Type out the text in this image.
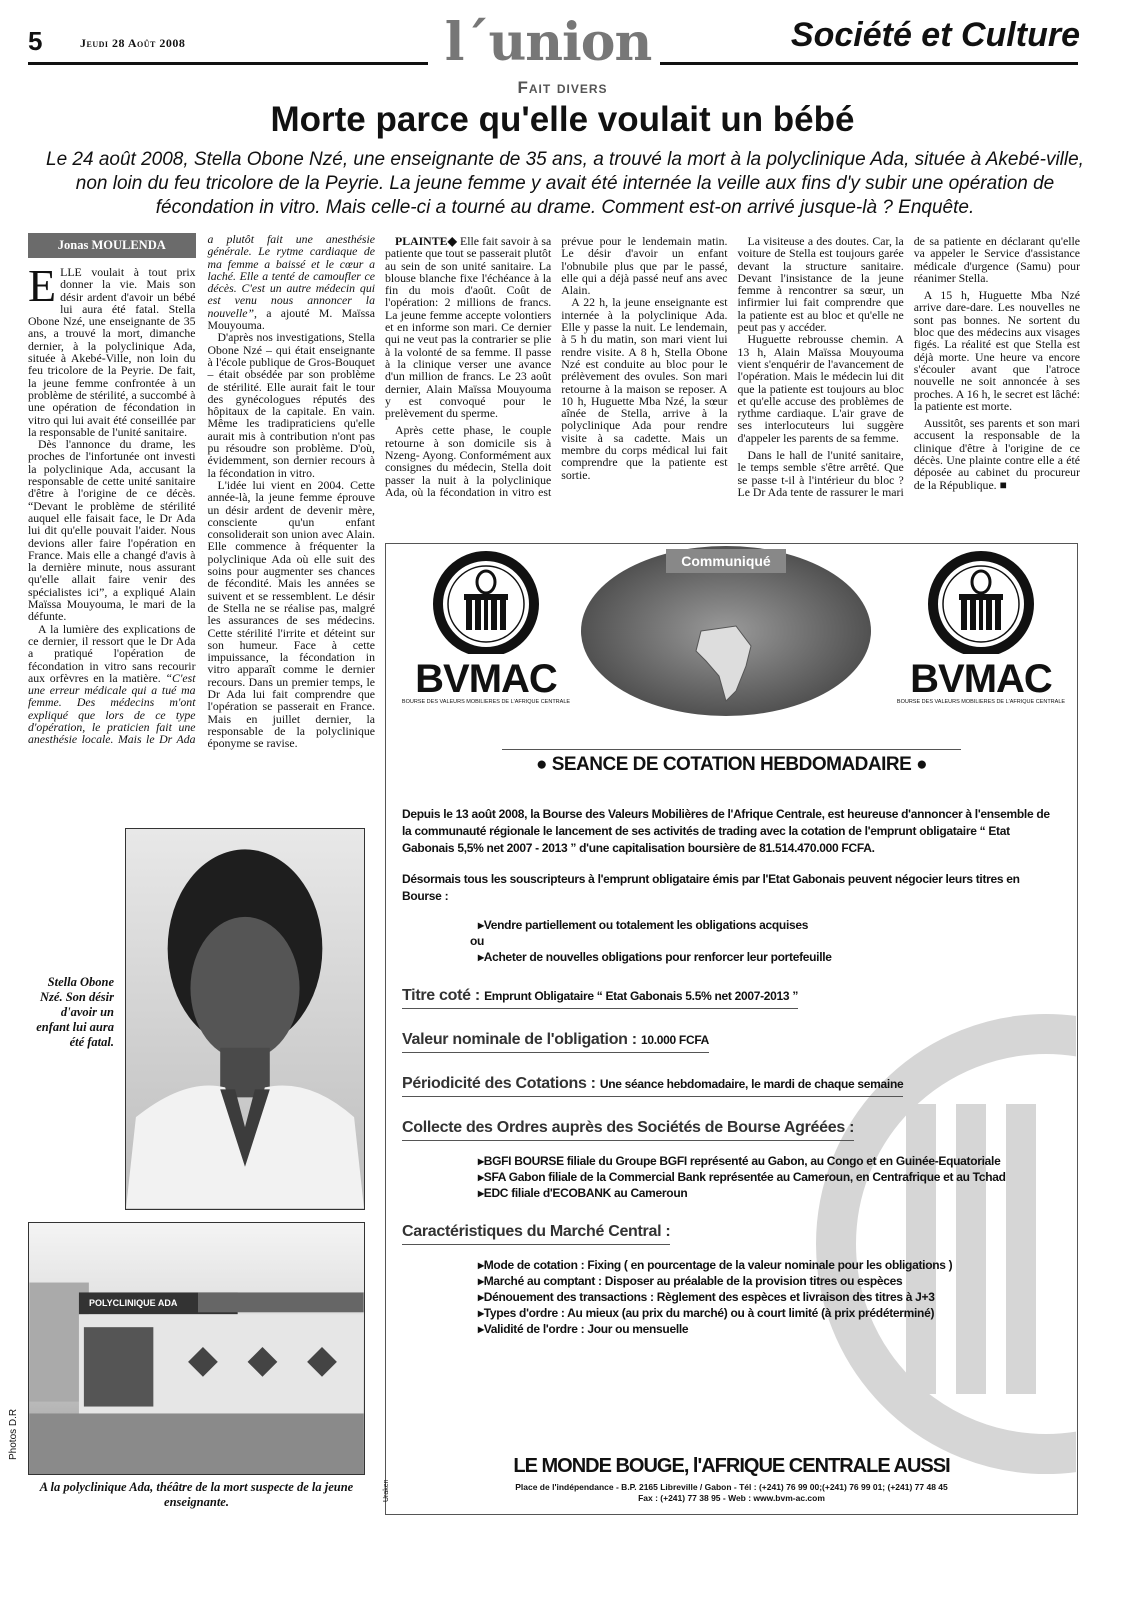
5	Jeudi 28 Août 2008	l´union	Société et Culture
Fait divers
Morte parce qu'elle voulait un bébé
Le 24 août 2008, Stella Obone Nzé, une enseignante de 35 ans, a trouvé la mort à la polyclinique Ada, située à Akebé-ville, non loin du feu tricolore de la Peyrie. La jeune femme y avait été internée la veille aux fins d'y subir une opération de fécondation in vitro. Mais celle-ci a tourné au drame. Comment est-on arrivé jusque-là ? Enquête.
Jonas MOULENDA

ELLE voulait à tout prix donner la vie. Mais son désir ardent d'avoir un bébé lui aura été fatal. Stella Obone Nzé, une enseignante de 35 ans, a trouvé la mort, dimanche dernier, à la polyclinique Ada, située à Akebé-Ville, non loin du feu tricolore de la Peyrie. De fait, la jeune femme confrontée à un problème de stérilité, a succombé à une opération de fécondation in vitro qui lui avait été conseillée par la responsable de l'unité sanitaire.

Dès l'annonce du drame, les proches de l'infortunée ont investi la polyclinique Ada, accusant la responsable de cette unité sanitaire d'être à l'origine de ce décès. “Devant le problème de stérilité auquel elle faisait face, le Dr Ada lui dit qu'elle pouvait l'aider. Nous devions aller faire l'opération en France. Mais elle a changé d'avis à la dernière minute, nous assurant qu'elle allait faire venir des spécialistes ici”, a expliqué Alain Maïssa Mouyouma, le mari de la défunte.

A la lumière des explications de ce dernier, il ressort que le Dr Ada a pratiqué l'opération de fécondation in vitro sans recourir aux orfèvres en la matière. “C'est une erreur médicale qui a tué ma femme. Des médecins m'ont expliqué que lors de ce type d'opération, le praticien fait une anesthésie locale. Mais le Dr Ada a plutôt fait une anesthésie générale. Le rytme cardiaque de ma femme a baissé et le cœur a laché. Elle a tenté de camoufler ce décès. C'est un autre médecin qui est venu nous annoncer la nouvelle”, a ajouté M. Maïssa Mouyouma.

D'après nos investigations, Stella Obone Nzé – qui était enseignante à l'école publique de Gros-Bouquet – était obsédée par son problème de stérilité. Elle aurait fait le tour des gynécologues réputés des hôpitaux de la capitale. En vain. Même les tradipraticiens qu'elle aurait mis à contribution n'ont pas pu résoudre son problème. D'où, évidemment, son dernier recours à la fécondation in vitro.

L'idée lui vient en 2004. Cette année-là, la jeune femme éprouve un désir ardent de devenir mère, consciente qu'un enfant consoliderait son union avec Alain. Elle commence à fréquenter la polyclinique Ada où elle suit des soins pour augmenter ses chances de fécondité. Mais les années se suivent et se ressemblent. Le désir de Stella ne se réalise pas, malgré les assurances de ses médecins. Cette stérilité l'irrite et déteint sur son humeur. Face à cette impuissance, la fécondation in vitro apparaît comme le dernier recours. Dans un premier temps, le Dr Ada lui fait comprendre que l'opération se passerait en France. Mais en juillet dernier, la responsable de la polyclinique éponyme se ravise.

PLAINTE◆ Elle fait savoir à sa patiente que tout se passerait plutôt au sein de son unité sanitaire. La blouse blanche fixe l'échéance à la fin du mois d'août. Coût de l'opération: 2 millions de francs. La jeune femme accepte volontiers et en informe son mari. Ce dernier qui ne veut pas la contrarier se plie à la volonté de sa femme. Il passe à la clinique verser une avance d'un million de francs. Le 23 août dernier, Alain Maïssa Mouyouma y est convoqué pour le prelèvement du sperme.

Après cette phase, le couple retourne à son domicile sis à Nzeng- Ayong. Conformément aux consignes du médecin, Stella doit passer la nuit à la polyclinique Ada, où la fécondation in vitro est prévue pour le lendemain matin. Le désir d'avoir un enfant l'obnubile plus que par le passé, elle qui a déjà passé neuf ans avec Alain.

A 22 h, la jeune enseignante est internée à la polyclinique Ada. Elle y passe la nuit. Le lendemain, à 5 h du matin, son mari vient lui rendre visite. A 8 h, Stella Obone Nzé est conduite au bloc pour le prélèvement des ovules. Son mari retourne à la maison se reposer. A 10 h, Huguette Mba Nzé, la sœur aînée de Stella, arrive à la polyclinique Ada pour rendre visite à sa cadette. Mais un membre du corps médical lui fait comprendre que la patiente est sortie.

La visiteuse a des doutes. Car, la voiture de Stella est toujours garée devant la structure sanitaire. Devant l'insistance de la jeune femme à rencontrer sa sœur, un infirmier lui fait comprendre que la patiente est au bloc et qu'elle ne peut pas y accéder.

Huguette rebrousse chemin. A 13 h, Alain Maïssa Mouyouma vient s'enquérir de l'avancement de l'opération. Mais le médecin lui dit que la patiente est toujours au bloc et qu'elle accuse des problèmes de rythme cardiaque. L'air grave de ses interlocuteurs lui suggère d'appeler les parents de sa femme.

Dans le hall de l'unité sanitaire, le temps semble s'être arrêté. Que se passe t-il à l'intérieur du bloc ? Le Dr Ada tente de rassurer le mari de sa patiente en déclarant qu'elle va appeler le Service d'assistance médicale d'urgence (Samu) pour réanimer Stella.

A 15 h, Huguette Mba Nzé arrive dare-dare. Les nouvelles ne sont pas bonnes. Ne sortent du bloc que des médecins aux visages figés. La réalité est que Stella est déjà morte. Une heure va encore s'écouler avant que l'atroce nouvelle ne soit annoncée à ses proches. A 16 h, le secret est lâché: la patiente est morte.

Aussitôt, ses parents et son mari accusent la responsable de la clinique d'être à l'origine de ce décès. Une plainte contre elle a été déposée au cabinet du procureur de la République. ■

Stella Obone Nzé. Son désir d'avoir un enfant lui aura été fatal.
POLYCLINIQUE ADA
A la polyclinique Ada, théâtre de la mort suspecte de la jeune enseignante.
Photos D.R
BVMAC
BOURSE DES VALEURS MOBILIERES DE L'AFRIQUE CENTRALE
BVMAC
BOURSE DES VALEURS MOBILIERES DE L'AFRIQUE CENTRALE
Communiqué
● SEANCE DE COTATION HEBDOMADAIRE ●
Depuis le 13 août 2008, la Bourse des Valeurs Mobilières de l'Afrique Centrale, est heureuse d'annoncer à l'ensemble de la communauté régionale le lancement de ses activités de trading avec la cotation de l'emprunt obligataire “ Etat Gabonais 5,5% net 2007 - 2013 ” d'une capitalisation boursière de 81.514.470.000 FCFA.
Désormais tous les souscripteurs à l'emprunt obligataire émis par l'Etat Gabonais peuvent négocier leurs titres en Bourse :
▸ Vendre partiellement ou totalement les obligations acquises
ou
▸ Acheter de nouvelles obligations pour renforcer leur portefeuille
Titre coté : Emprunt Obligataire “ Etat Gabonais 5.5% net 2007-2013 ”
Valeur nominale de l'obligation : 10.000 FCFA
Périodicité des Cotations : Une séance hebdomadaire, le mardi de chaque semaine
Collecte des Ordres auprès des Sociétés de Bourse Agréées :
▸ BGFI BOURSE filiale du Groupe BGFI représenté au Gabon, au Congo et en Guinée-Equatoriale
▸ SFA Gabon filiale de la Commercial Bank représentée au Cameroun, en Centrafrique et au Tchad
▸ EDC filiale d'ECOBANK au Cameroun
Caractéristiques du Marché Central :
▸ Mode de cotation : Fixing ( en pourcentage de la valeur nominale pour les obligations )
▸ Marché au comptant : Disposer au préalable de la provision titres ou espèces
▸ Dénouement des transactions : Règlement des espèces et livraison des titres à J+3
▸ Types d'ordre : Au mieux (au prix du marché) ou à court limité (à prix prédéterminé)
▸ Validité de l'ordre : Jour ou mensuelle
LE MONDE BOUGE, l'AFRIQUE CENTRALE AUSSI
Place de l'indépendance - B.P. 2165 Libreville / Gabon - Tél : (+241) 76 99 00;(+241) 76 99 01; (+241) 77 48 45
Fax : (+241) 77 38 95 - Web : www.bvm-ac.com
Uraken
